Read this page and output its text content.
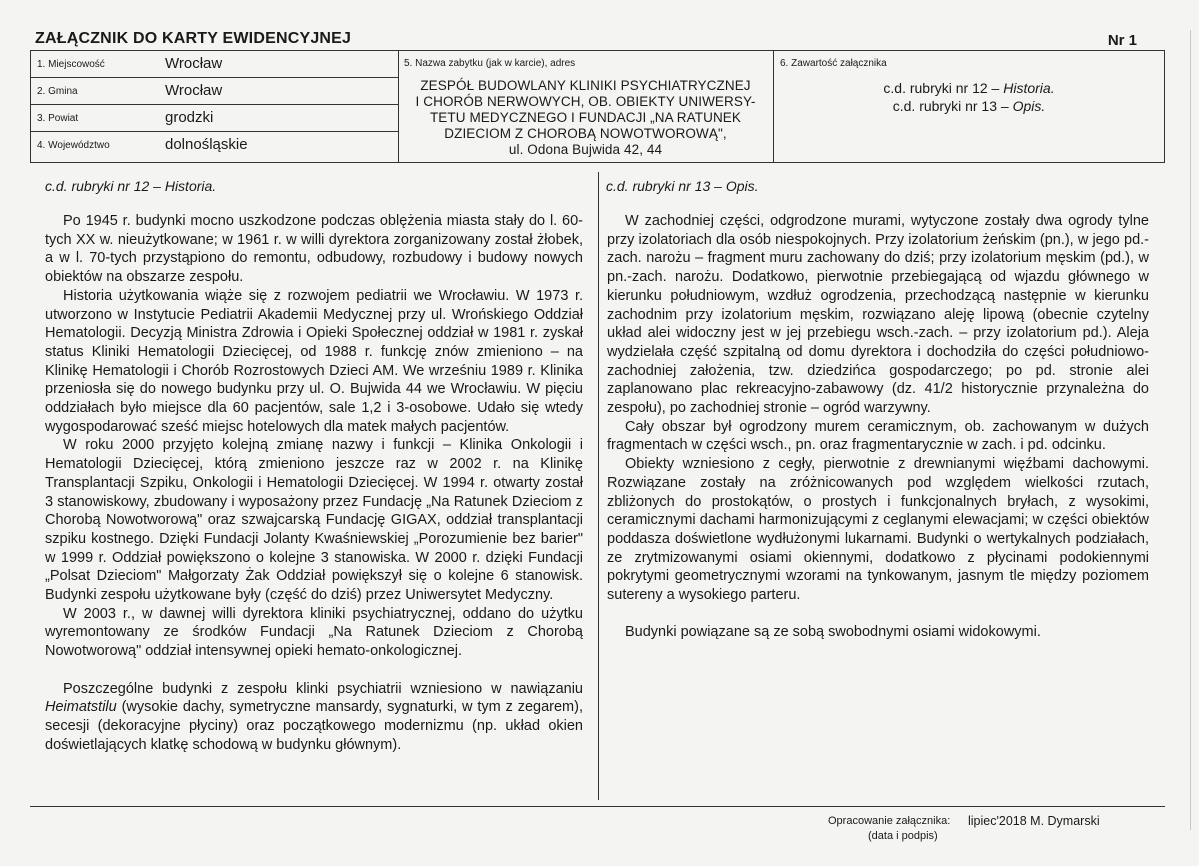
ZAŁĄCZNIK DO KARTY EWIDENCYJNEJ	Nr 1
1. Miejscowość	Wrocław
2. Gmina	Wrocław
3. Powiat	grodzki
4. Województwo	dolnośląskie
5. Nazwa zabytku (jak w karcie), adres
ZESPÓŁ BUDOWLANY KLINIKI PSYCHIATRYCZNEJ
I CHORÓB NERWOWYCH, OB. OBIEKTY UNIWERSY-
TETU MEDYCZNEGO I FUNDACJI „NA RATUNEK
DZIECIOM Z CHOROBĄ NOWOTWOROWĄ",
ul. Odona Bujwida 42, 44
6. Zawartość załącznika
c.d. rubryki nr 12 – Historia.
c.d. rubryki nr 13 – Opis.
c.d. rubryki nr 12 – Historia.	c.d. rubryki nr 13 – Opis.

Po 1945 r. budynki mocno uszkodzone podczas oblężenia miasta stały do l. 60-tych XX w. nieużytkowane; w 1961 r. w willi dyrektora zorganizowany został żłobek, a w l. 70-tych przystąpiono do remontu, odbudowy, rozbudowy i budowy nowych obiektów na obszarze zespołu.

Historia użytkowania wiąże się z rozwojem pediatrii we Wrocławiu. W 1973 r. utworzono w Instytucie Pediatrii Akademii Medycznej przy ul. Wrońskiego Oddział Hematologii. Decyzją Ministra Zdrowia i Opieki Społecznej oddział w 1981 r. zyskał status Kliniki Hematologii Dziecięcej, od 1988 r. funkcję znów zmieniono – na Klinikę Hematologii i Chorób Rozrostowych Dzieci AM. We wrześniu 1989 r. Klinika przeniosła się do nowego budynku przy ul. O. Bujwida 44 we Wrocławiu. W pięciu oddziałach było miejsce dla 60 pacjentów, sale 1,2 i 3-osobowe. Udało się wtedy wygospodarować sześć miejsc hotelowych dla matek małych pacjentów.

W roku 2000 przyjęto kolejną zmianę nazwy i funkcji – Klinika Onkologii i Hematologii Dziecięcej, którą zmieniono jeszcze raz w 2002 r. na Klinikę Transplantacji Szpiku, Onkologii i Hematologii Dziecięcej. W 1994 r. otwarty został 3 stanowiskowy, zbudowany i wyposażony przez Fundację „Na Ratunek Dzieciom z Chorobą Nowotworową" oraz szwajcarską Fundację GIGAX, oddział transplantacji szpiku kostnego. Dzięki Fundacji Jolanty Kwaśniewskiej „Porozumienie bez barier" w 1999 r. Oddział powiększono o kolejne 3 stanowiska. W 2000 r. dzięki Fundacji „Polsat Dzieciom" Małgorzaty Żak Oddział powiększył się o kolejne 6 stanowisk. Budynki zespołu użytkowane były (część do dziś) przez Uniwersytet Medyczny.

W 2003 r., w dawnej willi dyrektora kliniki psychiatrycznej, oddano do użytku wyremontowany ze środków Fundacji „Na Ratunek Dzieciom z Chorobą Nowotworową" oddział intensywnej opieki hemato-onkologicznej.

Poszczególne budynki z zespołu klinki psychiatrii wzniesiono w nawiązaniu Heimatstilu (wysokie dachy, symetryczne mansardy, sygnaturki, w tym z zegarem), secesji (dekoracyjne płyciny) oraz początkowego modernizmu (np. układ okien doświetlających klatkę schodową w budynku głównym).

W zachodniej części, odgrodzone murami, wytyczone zostały dwa ogrody tylne przy izolatoriach dla osób niespokojnych. Przy izolatorium żeńskim (pn.), w jego pd.-zach. narożu – fragment muru zachowany do dziś; przy izolatorium męskim (pd.), w pn.-zach. narożu. Dodatkowo, pierwotnie przebiegającą od wjazdu głównego w kierunku południowym, wzdłuż ogrodzenia, przechodzącą następnie w kierunku zachodnim przy izolatorium męskim, rozwiązano aleję lipową (obecnie czytelny układ alei widoczny jest w jej przebiegu wsch.-zach. – przy izolatorium pd.). Aleja wydzielała część szpitalną od domu dyrektora i dochodziła do części południowo-zachodniej założenia, tzw. dziedzińca gospodarczego; po pd. stronie alei zaplanowano plac rekreacyjno-zabawowy (dz. 41/2 historycznie przynależna do zespołu), po zachodniej stronie – ogród warzywny.

Cały obszar był ogrodzony murem ceramicznym, ob. zachowanym w dużych fragmentach w części wsch., pn. oraz fragmentarycznie w zach. i pd. odcinku.

Obiekty wzniesiono z cegły, pierwotnie z drewnianymi więźbami dachowymi. Rozwiązane zostały na zróżnicowanych pod względem wielkości rzutach, zbliżonych do prostokątów, o prostych i funkcjonalnych bryłach, z wysokimi, ceramicznymi dachami harmonizującymi z ceglanymi elewacjami; w części obiektów poddasza doświetlone wydłużonymi lukarnami. Budynki o wertykalnych podziałach, ze zrytmizowanymi osiami okiennymi, dodatkowo z płycinami podokiennymi pokrytymi geometrycznymi wzorami na tynkowanym, jasnym tle między poziomem sutereny a wysokiego parteru.

Budynki powiązane są ze sobą swobodnymi osiami widokowymi.

Opracowanie załącznika: lipiec'2018 M. Dymarski
(data i podpis)
